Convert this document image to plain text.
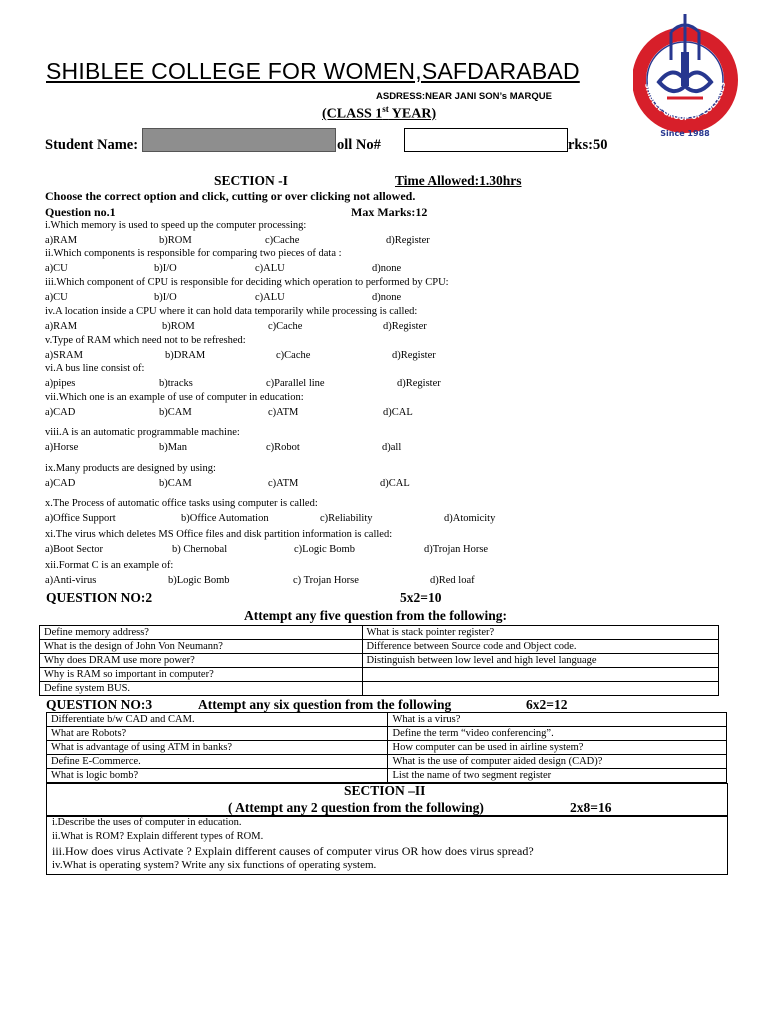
SHIBLEE COLLEGE FOR WOMEN,SAFDARABAD
ASDRESS:NEAR JANI SON’s MARQUE
(CLASS 1st YEAR)
SHIBLEE GROUP OF COLLEGES
Since 1988
Student Name:	oll No#	rks:50
SECTION -I	Time Allowed:1.30hrs
Choose the correct option and click, cutting or over clicking not allowed.
Question no.1	Max Marks:12
i.Which memory is used to speed up the computer processing:
a)RAM	b)ROM	c)Cache	d)Register
ii.Which components is responsible for comparing two pieces of data :
a)CU	b)I/O	c)ALU	d)none
iii.Which component of CPU is responsible for deciding which operation to performed by CPU:
a)CU	b)I/O	c)ALU	d)none
iv.A location inside a CPU where it can hold data temporarily while processing is called:
a)RAM	b)ROM	c)Cache	d)Register
v.Type of RAM which need not to be refreshed:
a)SRAM	b)DRAM	c)Cache	d)Register
vi.A bus line consist of:
a)pipes	b)tracks	c)Parallel line	d)Register
vii.Which one is an example of use of computer in education:
a)CAD	b)CAM	c)ATM	d)CAL
viii.A is an automatic programmable machine:
a)Horse	b)Man	c)Robot	d)all
ix.Many products are designed by using:
a)CAD	b)CAM	c)ATM	d)CAL
x.The Process of automatic office tasks using computer is called:
a)Office Support	b)Office Automation	c)Reliability	d)Atomicity
xi.The virus which deletes MS Office files and disk partition information is called:
a)Boot Sector	b) Chernobal	c)Logic Bomb	d)Trojan Horse
xii.Format C is an example of:
a)Anti-virus	b)Logic Bomb	c) Trojan Horse	d)Red loaf
QUESTION NO:2	5x2=10
Attempt any five question from the following:
Define memory address?	What is stack pointer register?
What is the design of John Von Neumann?	Difference between Source code and Object code.
Why does DRAM use more power?	Distinguish between low level and high level language
Why is RAM so important in computer?	
Define system BUS.	
QUESTION NO:3	Attempt any six question from the following	6x2=12
Differentiate b/w CAD and CAM.	What is a virus?
What are Robots?	Define the term “video conferencing”.
What is advantage of using ATM in banks?	How computer can be used in airline system?
Define E-Commerce.	What is the use of computer aided design (CAD)?
What is logic bomb?	List the name of two segment register
SECTION –II
( Attempt any 2 question from the following)	2x8=16
i.Describe the uses of computer in education.
ii.What is ROM? Explain different types of ROM.
iii.How does virus Activate ? Explain different causes of computer virus OR how does virus spread?
iv.What is operating system? Write any six functions of operating system.
